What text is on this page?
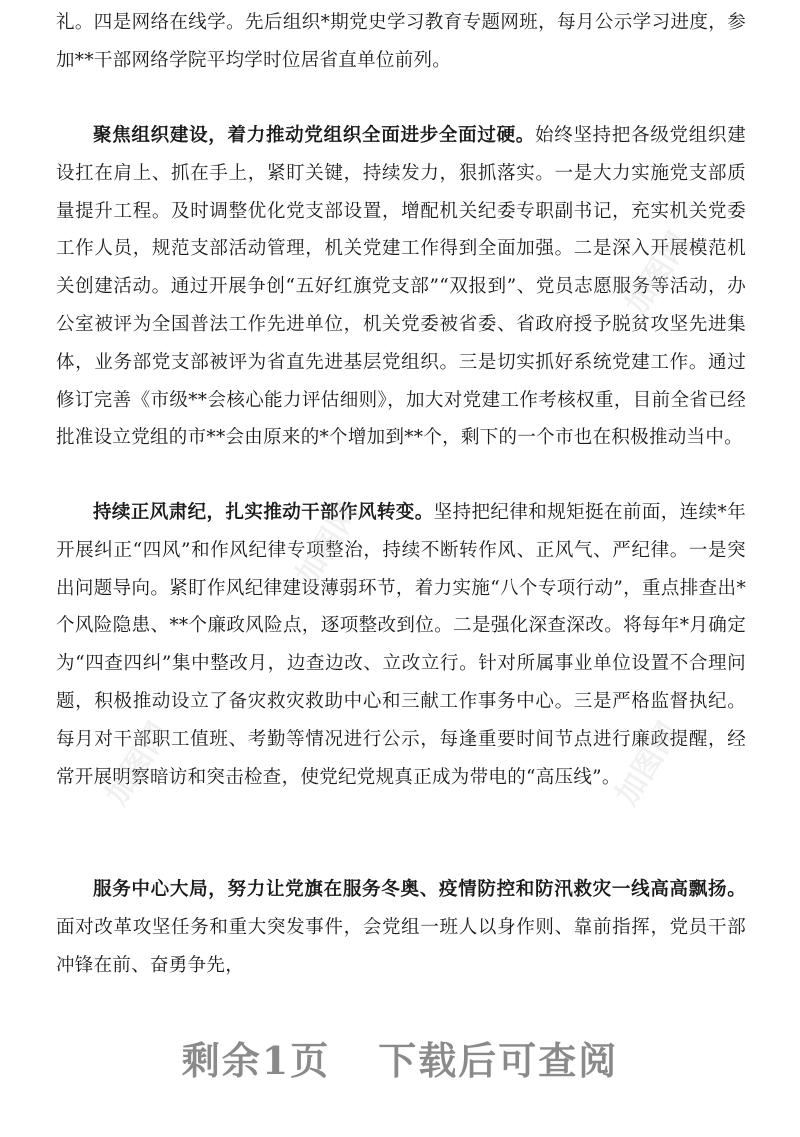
礼。四是网络在线学。先后组织*期党史学习教育专题网班，每月公示学习进度，参加**干部网络学院平均学时位居省直单位前列。

聚焦组织建设，着力推动党组织全面进步全面过硬。始终坚持把各级党组织建设扛在肩上、抓在手上，紧盯关键，持续发力，狠抓落实。一是大力实施党支部质量提升工程。及时调整优化党支部设置，增配机关纪委专职副书记，充实机关党委工作人员，规范支部活动管理，机关党建工作得到全面加强。二是深入开展模范机关创建活动。通过开展争创“五好红旗党支部”“双报到”、党员志愿服务等活动，办公室被评为全国普法工作先进单位，机关党委被省委、省政府授予脱贫攻坚先进集体，业务部党支部被评为省直先进基层党组织。三是切实抓好系统党建工作。通过修订完善《市级**会核心能力评估细则》，加大对党建工作考核权重，目前全省已经批准设立党组的市**会由原来的*个增加到**个，剩下的一个市也在积极推动当中。

持续正风肃纪，扎实推动干部作风转变。坚持把纪律和规矩挺在前面，连续*年开展纠正“四风”和作风纪律专项整治，持续不断转作风、正风气、严纪律。一是突出问题导向。紧盯作风纪律建设薄弱环节，着力实施“八个专项行动”，重点排查出*个风险隐患、**个廉政风险点，逐项整改到位。二是强化深查深改。将每年*月确定为“四查四纠”集中整改月，边查边改、立改立行。针对所属事业单位设置不合理问题，积极推动设立了备灾救灾救助中心和三献工作事务中心。三是严格监督执纪。每月对干部职工值班、考勤等情况进行公示，每逢重要时间节点进行廉政提醒，经常开展明察暗访和突击检查，使党纪党规真正成为带电的“高压线”。

服务中心大局，努力让党旗在服务冬奥、疫情防控和防汛救灾一线高高飘扬。面对改革攻坚任务和重大突发事件，会党组一班人以身作则、靠前指挥，党员干部冲锋在前、奋勇争先，

加图网
加图网
加图网
加图网
剩余1页 下载后可查阅
